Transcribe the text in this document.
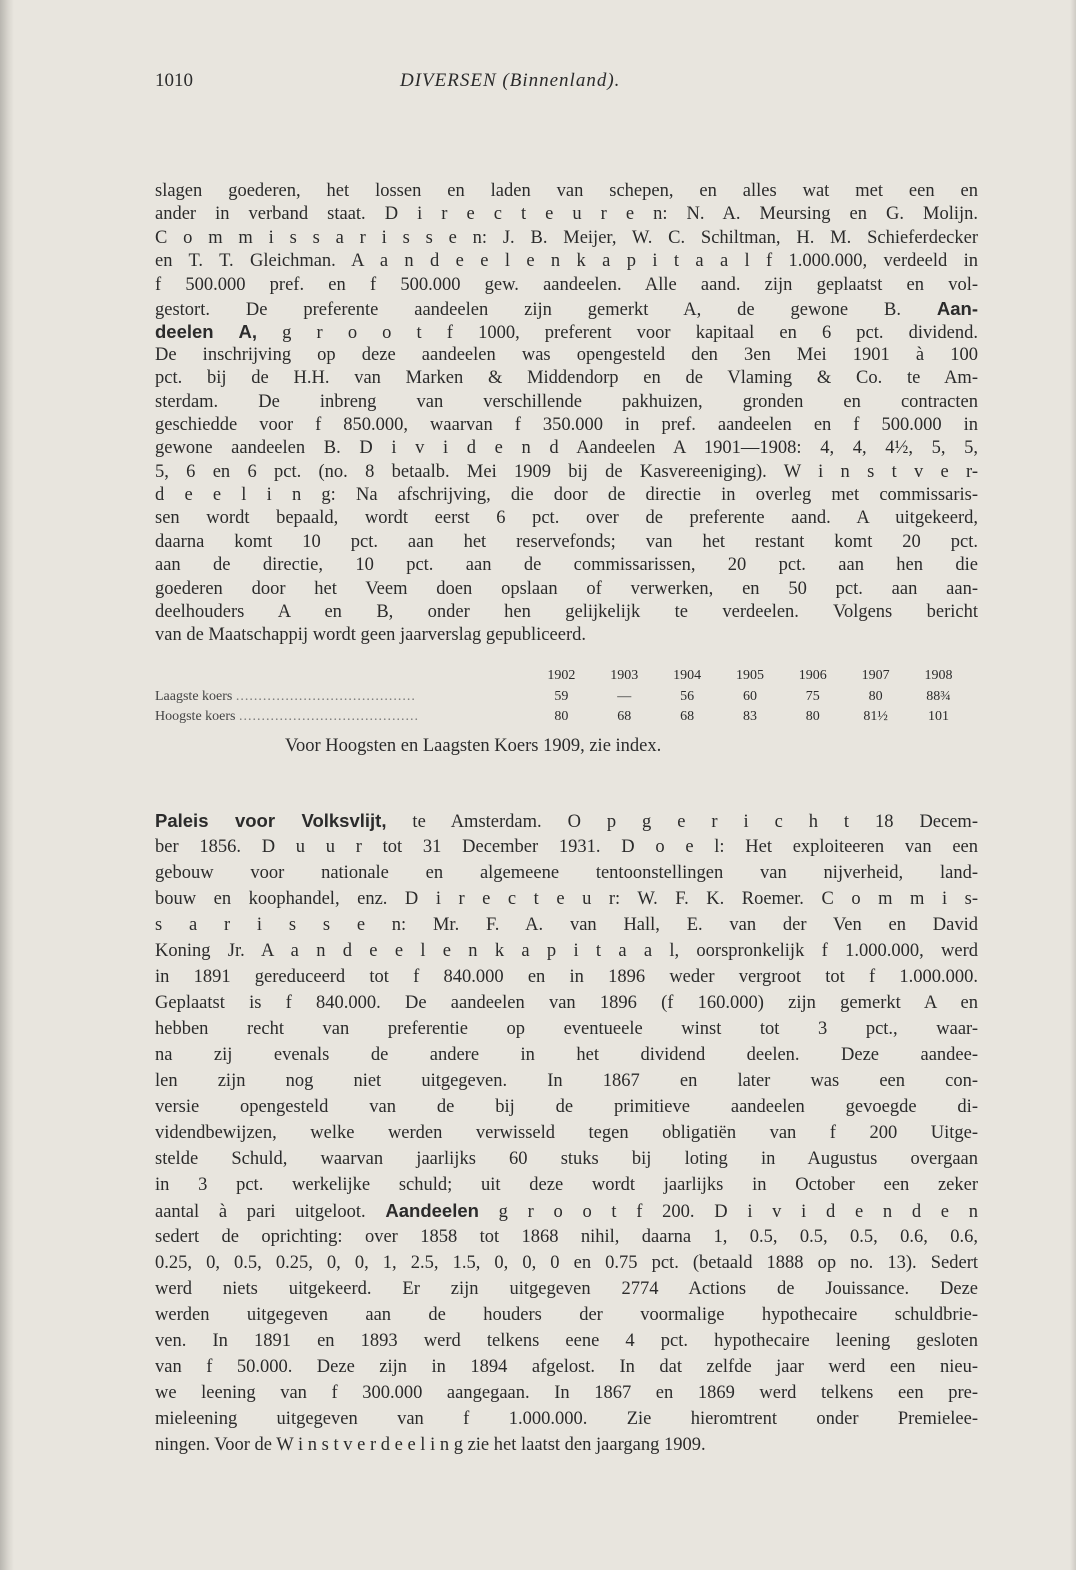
1010	DIVERSEN (Binnenland).
slagen goederen, het lossen en laden van schepen, en alles wat met een en
ander in verband staat. D i r e c t e u r e n: N. A. Meursing en G. Molijn.
C o m m i s s a r i s s e n: J. B. Meijer, W. C. Schiltman, H. M. Schieferdecker
en T. T. Gleichman. A a n d e e l e n k a p i t a a l f 1.000.000, verdeeld in
f 500.000 pref. en f 500.000 gew. aandeelen. Alle aand. zijn geplaatst en vol-
gestort. De preferente aandeelen zijn gemerkt A, de gewone B. Aan-
deelen A, g r o o t f 1000, preferent voor kapitaal en 6 pct. dividend.
De inschrijving op deze aandeelen was opengesteld den 3en Mei 1901 à 100
pct. bij de H.H. van Marken & Middendorp en de Vlaming & Co. te Am-
sterdam. De inbreng van verschillende pakhuizen, gronden en contracten
geschiedde voor f 850.000, waarvan f 350.000 in pref. aandeelen en f 500.000 in
gewone aandeelen B. D i v i d e n d Aandeelen A 1901—1908: 4, 4, 4½, 5, 5,
5, 6 en 6 pct. (no. 8 betaalb. Mei 1909 bij de Kasvereeniging). W i n s t v e r-
d e e l i n g: Na afschrijving, die door de directie in overleg met commissaris-
sen wordt bepaald, wordt eerst 6 pct. over de preferente aand. A uitgekeerd,
daarna komt 10 pct. aan het reservefonds; van het restant komt 20 pct.
aan de directie, 10 pct. aan de commissarissen, 20 pct. aan hen die
goederen door het Veem doen opslaan of verwerken, en 50 pct. aan aan-
deelhouders A en B, onder hen gelijkelijk te verdeelen. Volgens bericht
van de Maatschappij wordt geen jaarverslag gepubliceerd.
	1902	1903	1904	1905	1906	1907	1908
Laagste koers ........................................	59	—	56	60	75	80	88¾
Hoogste koers ........................................	80	68	68	83	80	81½	101
Voor Hoogsten en Laagsten Koers 1909, zie index.
Paleis voor Volksvlijt, te Amsterdam. O p g e r i c h t 18 Decem-
ber 1856. D u u r tot 31 December 1931. D o e l: Het exploiteeren van een
gebouw voor nationale en algemeene tentoonstellingen van nijverheid, land-
bouw en koophandel, enz. D i r e c t e u r: W. F. K. Roemer. C o m m i s-
s a r i s s e n: Mr. F. A. van Hall, E. van der Ven en David
Koning Jr. A a n d e e l e n k a p i t a a l, oorspronkelijk f 1.000.000, werd
in 1891 gereduceerd tot f 840.000 en in 1896 weder vergroot tot f 1.000.000.
Geplaatst is f 840.000. De aandeelen van 1896 (f 160.000) zijn gemerkt A en
hebben recht van preferentie op eventueele winst tot 3 pct., waar-
na zij evenals de andere in het dividend deelen. Deze aandee-
len zijn nog niet uitgegeven. In 1867 en later was een con-
versie opengesteld van de bij de primitieve aandeelen gevoegde di-
videndbewijzen, welke werden verwisseld tegen obligatiën van f 200 Uitge-
stelde Schuld, waarvan jaarlijks 60 stuks bij loting in Augustus overgaan
in 3 pct. werkelijke schuld; uit deze wordt jaarlijks in October een zeker
aantal à pari uitgeloot. Aandeelen g r o o t f 200. D i v i d e n d e n
sedert de oprichting: over 1858 tot 1868 nihil, daarna 1, 0.5, 0.5, 0.5, 0.6, 0.6,
0.25, 0, 0.5, 0.25, 0, 0, 1, 2.5, 1.5, 0, 0, 0 en 0.75 pct. (betaald 1888 op no. 13). Sedert
werd niets uitgekeerd. Er zijn uitgegeven 2774 Actions de Jouissance. Deze
werden uitgegeven aan de houders der voormalige hypothecaire schuldbrie-
ven. In 1891 en 1893 werd telkens eene 4 pct. hypothecaire leening gesloten
van f 50.000. Deze zijn in 1894 afgelost. In dat zelfde jaar werd een nieu-
we leening van f 300.000 aangegaan. In 1867 en 1869 werd telkens een pre-
mieleening uitgegeven van f 1.000.000. Zie hieromtrent onder Premielee-
ningen. Voor de W i n s t v e r d e e l i n g zie het laatst den jaargang 1909.
